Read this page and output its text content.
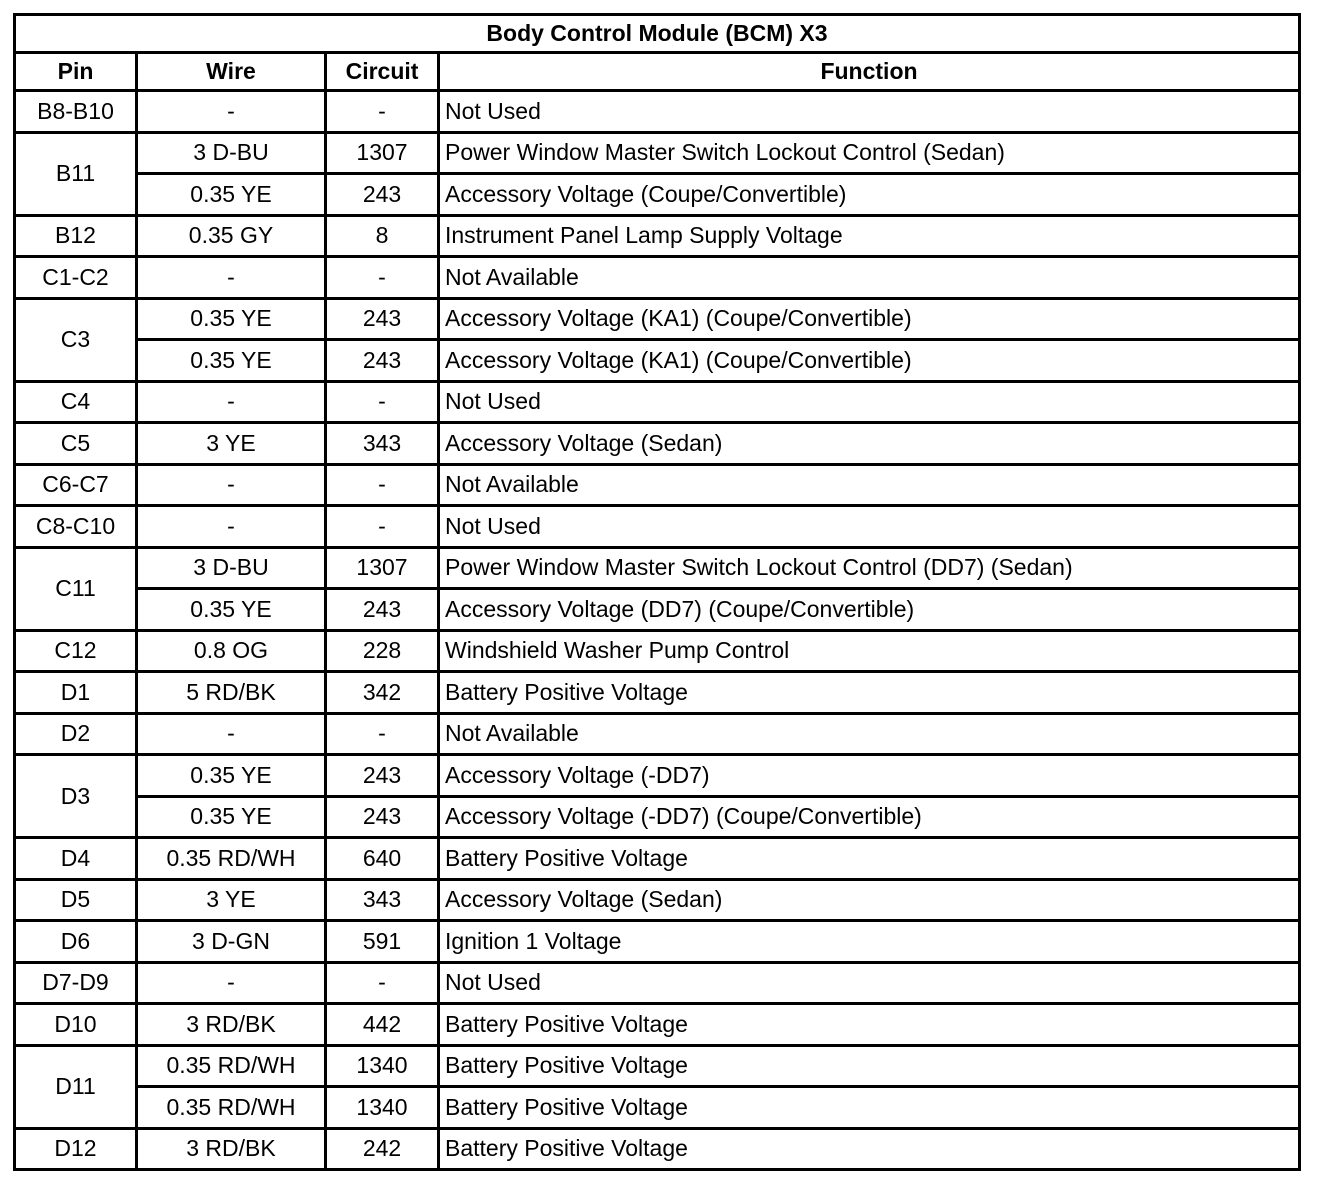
Body Control Module (BCM) X3			
Pin	Wire	Circuit	Function
B8-B10	-	-	Not Used
B11	3 D-BU	1307	Power Window Master Switch Lockout Control (Sedan)
	0.35 YE	243	Accessory Voltage (Coupe/Convertible)
B12	0.35 GY	8	Instrument Panel Lamp Supply Voltage
C1-C2	-	-	Not Available
C3	0.35 YE	243	Accessory Voltage (KA1) (Coupe/Convertible)
	0.35 YE	243	Accessory Voltage (KA1) (Coupe/Convertible)
C4	-	-	Not Used
C5	3 YE	343	Accessory Voltage (Sedan)
C6-C7	-	-	Not Available
C8-C10	-	-	Not Used
C11	3 D-BU	1307	Power Window Master Switch Lockout Control (DD7) (Sedan)
	0.35 YE	243	Accessory Voltage (DD7) (Coupe/Convertible)
C12	0.8 OG	228	Windshield Washer Pump Control
D1	5 RD/BK	342	Battery Positive Voltage
D2	-	-	Not Available
D3	0.35 YE	243	Accessory Voltage (-DD7)
	0.35 YE	243	Accessory Voltage (-DD7) (Coupe/Convertible)
D4	0.35 RD/WH	640	Battery Positive Voltage
D5	3 YE	343	Accessory Voltage (Sedan)
D6	3 D-GN	591	Ignition 1 Voltage
D7-D9	-	-	Not Used
D10	3 RD/BK	442	Battery Positive Voltage
D11	0.35 RD/WH	1340	Battery Positive Voltage
	0.35 RD/WH	1340	Battery Positive Voltage
D12	3 RD/BK	242	Battery Positive Voltage
